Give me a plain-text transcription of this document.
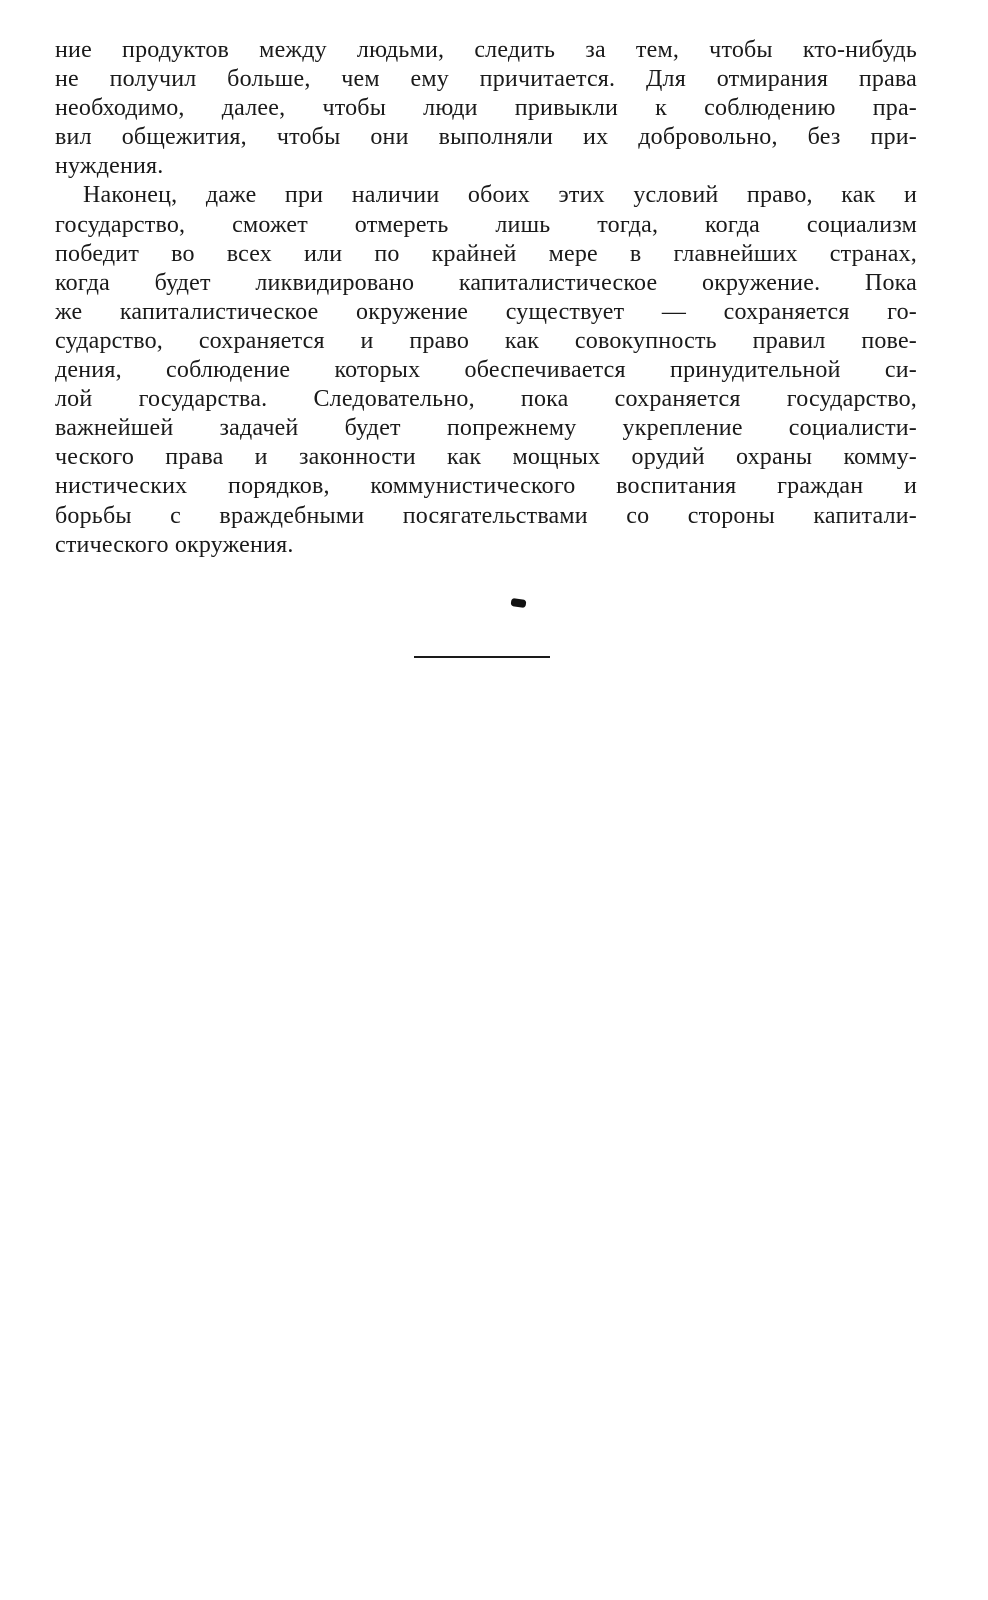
ние продуктов между людьми, следить за тем, чтобы кто-нибудь
не получил больше, чем ему причитается. Для отмирания права
необходимо, далее, чтобы люди привыкли к соблюдению пра-
вил общежития, чтобы они выполняли их добровольно, без при-
нуждения.
Наконец, даже при наличии обоих этих условий право, как и
государство, сможет отмереть лишь тогда, когда социализм
победит во всех или по крайней мере в главнейших странах,
когда будет ликвидировано капиталистическое окружение. Пока
же капиталистическое окружение существует — сохраняется го-
сударство, сохраняется и право как совокупность правил пове-
дения, соблюдение которых обеспечивается принудительной си-
лой государства. Следовательно, пока сохраняется государство,
важнейшей задачей будет попрежнему укрепление социалисти-
ческого права и законности как мощных орудий охраны комму-
нистических порядков, коммунистического воспитания граждан и
борьбы с враждебными посягательствами со стороны капитали-
стического окружения.
